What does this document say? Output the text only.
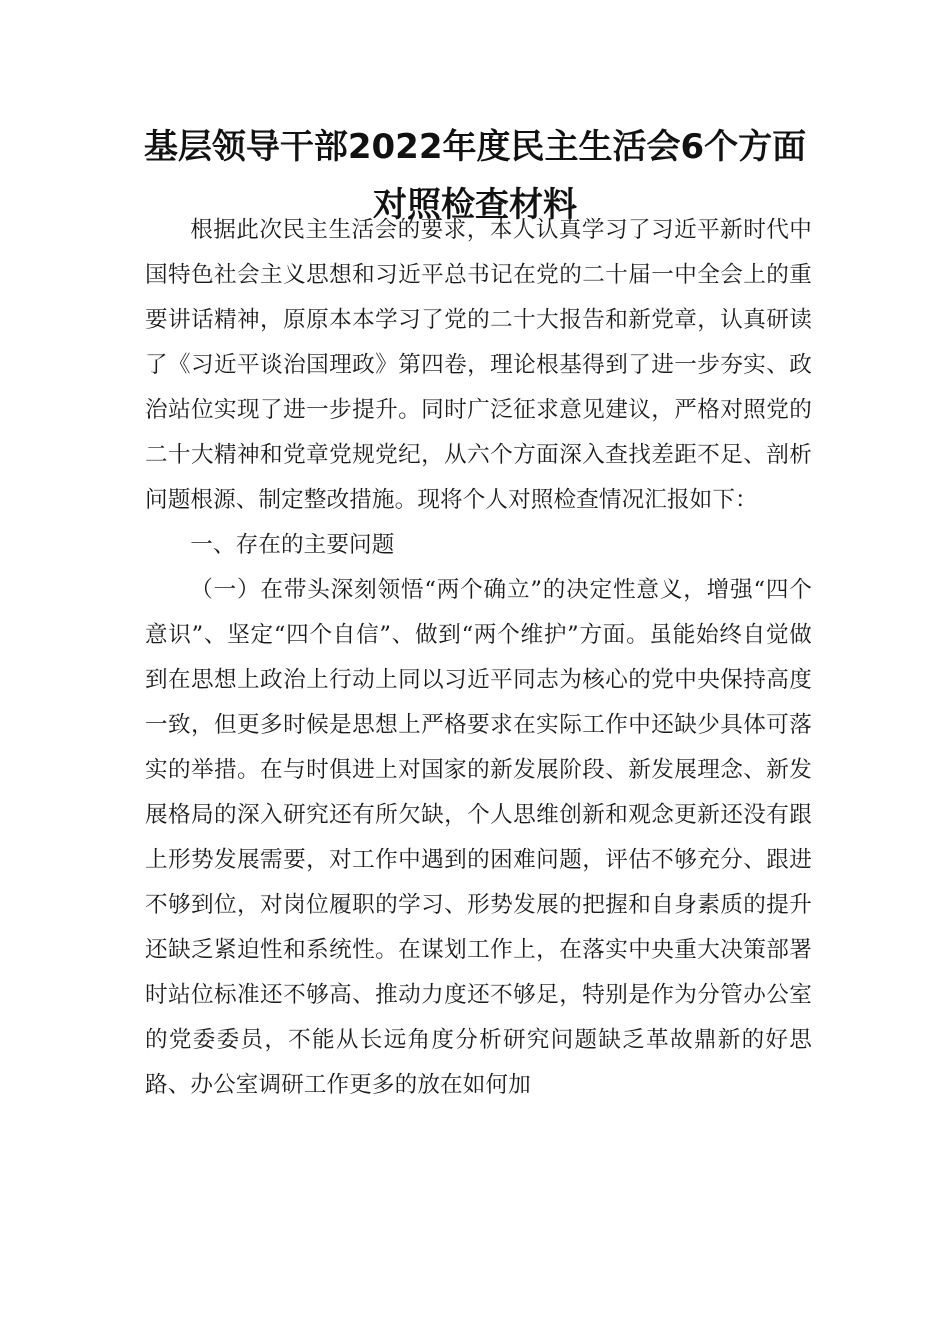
基层领导干部2022年度民主生活会6个方面
对照检查材料

根据此次民主生活会的要求，本人认真学习了习近平新时代中国特色社会主义思想和习近平总书记在党的二十届一中全会上的重要讲话精神，原原本本学习了党的二十大报告和新党章，认真研读了《习近平谈治国理政》第四卷，理论根基得到了进一步夯实、政治站位实现了进一步提升。同时广泛征求意见建议，严格对照党的二十大精神和党章党规党纪，从六个方面深入查找差距不足、剖析问题根源、制定整改措施。现将个人对照检查情况汇报如下：

一、存在的主要问题

（一）在带头深刻领悟“两个确立”的决定性意义，增强“四个意识”、坚定“四个自信”、做到“两个维护”方面。虽能始终自觉做到在思想上政治上行动上同以习近平同志为核心的党中央保持高度一致，但更多时候是思想上严格要求在实际工作中还缺少具体可落实的举措。在与时俱进上对国家的新发展阶段、新发展理念、新发展格局的深入研究还有所欠缺，个人思维创新和观念更新还没有跟上形势发展需要，对工作中遇到的困难问题，评估不够充分、跟进不够到位，对岗位履职的学习、形势发展的把握和自身素质的提升还缺乏紧迫性和系统性。在谋划工作上，在落实中央重大决策部署时站位标准还不够高、推动力度还不够足，特别是作为分管办公室的党委委员，不能从长远角度分析研究问题缺乏革故鼎新的好思路、办公室调研工作更多的放在如何加
